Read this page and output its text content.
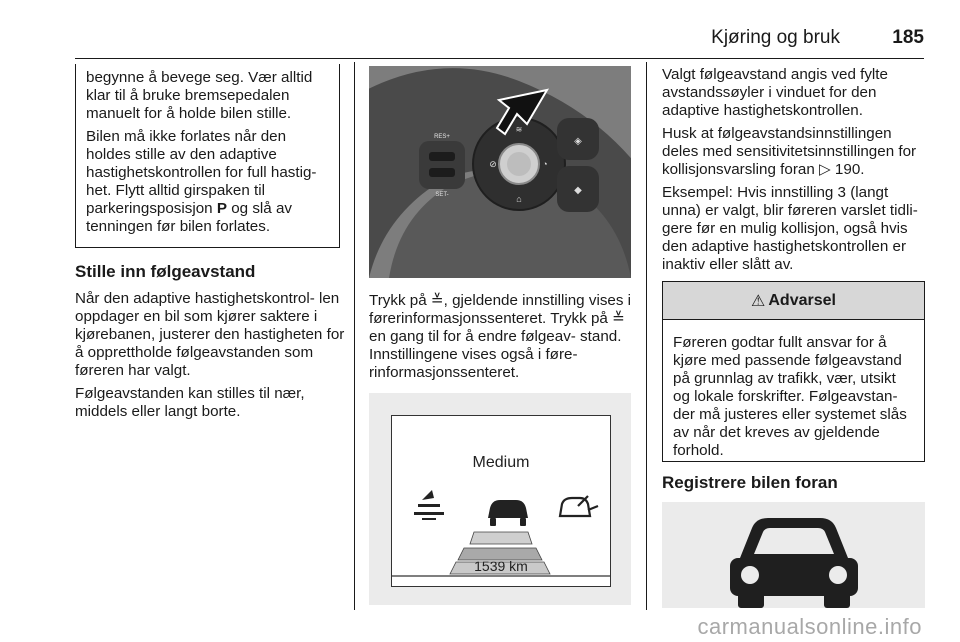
Kjøring og bruk	185

begynne å bevege seg. Vær alltid klar til å bruke bremsepedalen manuelt for å holde bilen stille.

Bilen må ikke forlates når den holdes stille av den adaptive hastighetskontrollen for full hastig- het. Flytt alltid girspaken til parkeringsposisjon P og slå av tenningen før bilen forlates.

Stille inn følgeavstand

Når den adaptive hastighetskontrol- len oppdager en bil som kjører saktere i kjørebanen, justerer den hastigheten for å opprettholde følgeavstanden som føreren har valgt.

Følgeavstanden kan stilles til nær, middels eller langt borte.

RES+
SET-
≋
⊘	◔
⌂
◈
◆

Trykk på ≚, gjeldende innstilling vises i førerinformasjonssenteret. Trykk på ≚ en gang til for å endre følgeav- stand. Innstillingene vises også i føre- rinformasjonssenteret.

Medium
1539 km

Valgt følgeavstand angis ved fylte avstandssøyler i vinduet for den adaptive hastighetskontrollen.

Husk at følgeavstandsinnstillingen deles med sensitivitetsinnstillingen for kollisjonsvarsling foran ▷ 190.

Eksempel: Hvis innstilling 3 (langt unna) er valgt, blir føreren varslet tidli- gere før en mulig kollisjon, også hvis den adaptive hastighetskontrollen er inaktiv eller slått av.

⚠ Advarsel
Føreren godtar fullt ansvar for å kjøre med passende følgeavstand på grunnlag av trafikk, vær, utsikt og lokale forskrifter. Følgeavstan- der må justeres eller systemet slås av når det kreves av gjeldende forhold.
Registrere bilen foran
carmanualsonline.info
